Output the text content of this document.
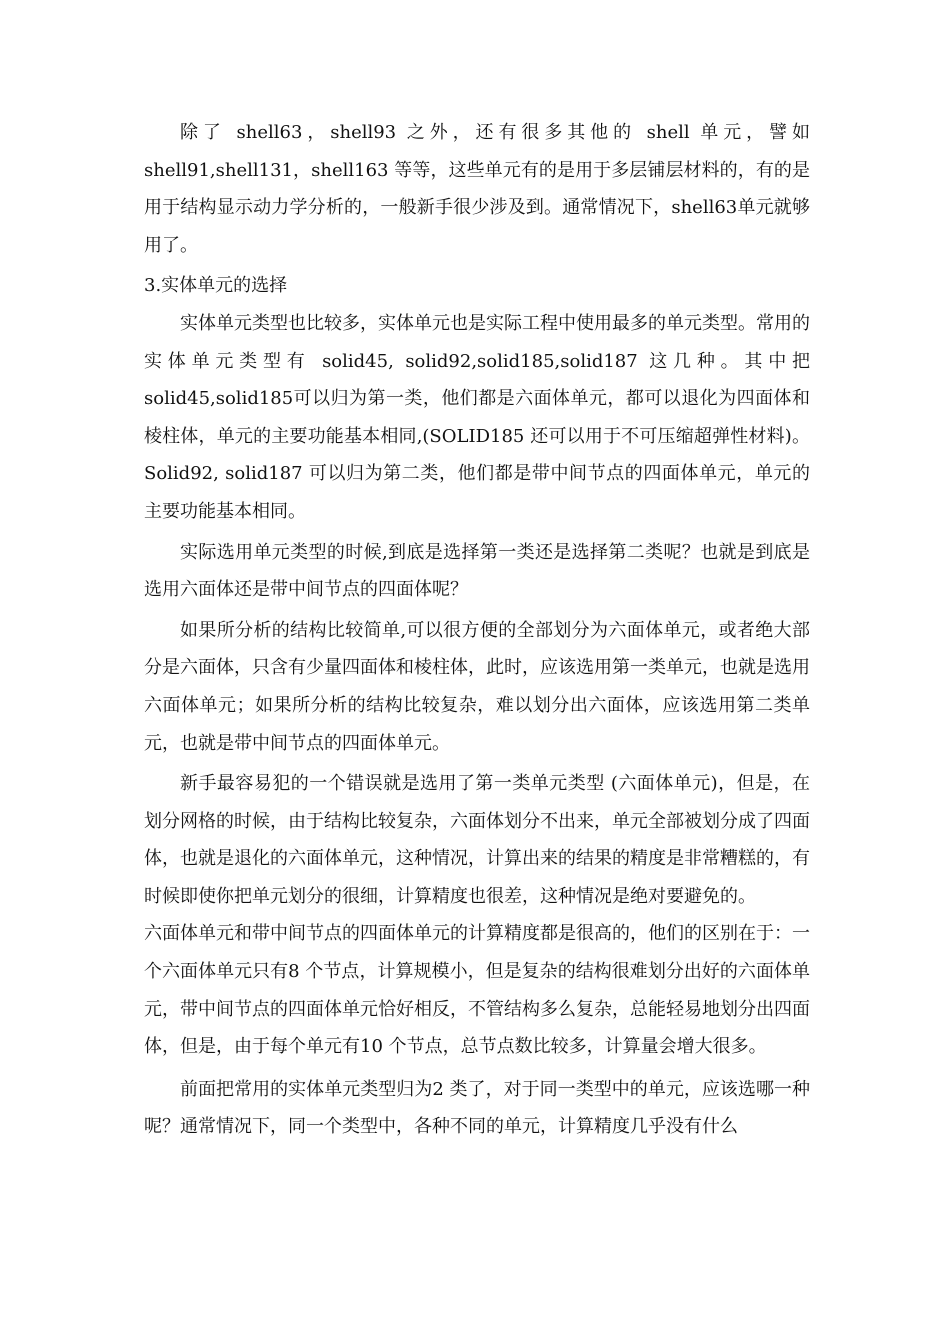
除了 shell63，shell93 之外，还有很多其他的 shell 单元，譬如shell91,shell131，shell163 等等，这些单元有的是用于多层铺层材料的，有的是用于结构显示动力学分析的，一般新手很少涉及到。通常情况下，shell63单元就够用了。

3.实体单元的选择

实体单元类型也比较多，实体单元也是实际工程中使用最多的单元类型。常用的实体单元类型有 solid45, solid92,solid185,solid187 这几种。其中把solid45,solid185可以归为第一类，他们都是六面体单元，都可以退化为四面体和棱柱体，单元的主要功能基本相同,(SOLID185 还可以用于不可压缩超弹性材料)。Solid92, solid187 可以归为第二类，他们都是带中间节点的四面体单元，单元的主要功能基本相同。

实际选用单元类型的时候,到底是选择第一类还是选择第二类呢？也就是到底是选用六面体还是带中间节点的四面体呢？

如果所分析的结构比较简单,可以很方便的全部划分为六面体单元，或者绝大部分是六面体，只含有少量四面体和棱柱体，此时，应该选用第一类单元，也就是选用六面体单元；如果所分析的结构比较复杂，难以划分出六面体，应该选用第二类单元，也就是带中间节点的四面体单元。

新手最容易犯的一个错误就是选用了第一类单元类型 (六面体单元)，但是，在划分网格的时候，由于结构比较复杂，六面体划分不出来，单元全部被划分成了四面体，也就是退化的六面体单元，这种情况，计算出来的结果的精度是非常糟糕的，有时候即使你把单元划分的很细，计算精度也很差，这种情况是绝对要避免的。

六面体单元和带中间节点的四面体单元的计算精度都是很高的，他们的区别在于：一个六面体单元只有8 个节点，计算规模小，但是复杂的结构很难划分出好的六面体单元，带中间节点的四面体单元恰好相反，不管结构多么复杂，总能轻易地划分出四面体，但是，由于每个单元有10 个节点，总节点数比较多，计算量会增大很多。

前面把常用的实体单元类型归为2 类了，对于同一类型中的单元，应该选哪一种呢？通常情况下，同一个类型中，各种不同的单元，计算精度几乎没有什么
